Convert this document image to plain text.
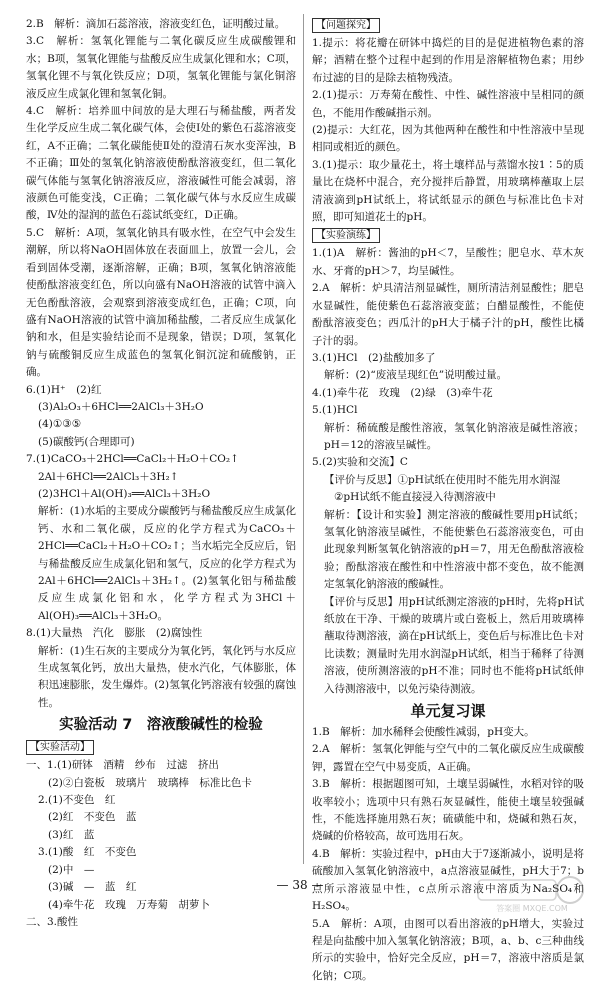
2.B　解析：滴加石蕊溶液，溶液变红色，证明酸过量。

3.C　解析：氢氧化锂能与二氧化碳反应生成碳酸锂和水；B项，氢氧化锂能与盐酸反应生成氯化锂和水；C项，氢氧化锂不与氧化铁反应；D项，氢氧化锂能与氯化铜溶液反应生成氯化锂和氢氧化铜。

4.C　解析：培养皿中间放的是大理石与稀盐酸，两者发生化学反应生成二氧化碳气体，会使Ⅰ处的紫色石蕊溶液变红，A不正确；二氧化碳能使Ⅱ处的澄清石灰水变浑浊，B不正确；Ⅲ处的氢氧化钠溶液使酚酞溶液变红，但二氧化碳气体能与氢氧化钠溶液反应，溶液碱性可能会减弱，溶液颜色可能变浅，C正确；二氧化碳气体与水反应生成碳酸，Ⅳ处的湿润的蓝色石蕊试纸变红，D正确。

5.C　解析：A项，氢氧化钠具有吸水性，在空气中会发生潮解，所以将NaOH固体放在表面皿上，放置一会儿，会看到固体受潮，逐渐溶解，正确；B项，氢氧化钠溶液能使酚酞溶液变红色，所以向盛有NaOH溶液的试管中滴入无色酚酞溶液，会观察到溶液变成红色，正确；C项，向盛有NaOH溶液的试管中滴加稀盐酸，二者反应生成氯化钠和水，但是实验结论而不是现象，错误；D项，氢氧化钠与硫酸铜反应生成蓝色的氢氧化铜沉淀和硫酸钠，正确。

6.(1)H⁺　(2)红

(3)Al₂O₃＋6HCl══2AlCl₃＋3H₂O

(4)①③⑤

(5)碳酸钙(合理即可)

7.(1)CaCO₃＋2HCl══CaCl₂＋H₂O＋CO₂↑

2Al＋6HCl══2AlCl₃＋3H₂↑

(2)3HCl＋Al(OH)₃══AlCl₃＋3H₂O

解析：(1)水垢的主要成分碳酸钙与稀盐酸反应生成氯化钙、水和二氧化碳，反应的化学方程式为CaCO₃＋2HCl══CaCl₂＋H₂O＋CO₂↑；当水垢完全反应后，铝与稀盐酸反应生成氯化铝和氢气，反应的化学方程式为2Al＋6HCl══2AlCl₃＋3H₂↑。(2)氢氧化铝与稀盐酸反应生成氯化铝和水，化学方程式为3HCl＋Al(OH)₃══AlCl₃＋3H₂O。

8.(1)大量热　汽化　膨胀　(2)腐蚀性

解析：(1)生石灰的主要成分为氧化钙，氧化钙与水反应生成氢氧化钙，放出大量热，使水汽化，气体膨胀，体积迅速膨胀，发生爆炸。(2)氢氧化钙溶液有较强的腐蚀性。

实验活动 7　溶液酸碱性的检验
【实验活动】

一、1.(1)研钵　酒精　纱布　过滤　挤出

(2)②白瓷板　玻璃片　玻璃棒　标准比色卡

2.(1)不变色　红

(2)红　不变色　蓝

(3)红　蓝

3.(1)酸　红　不变色

(2)中　—

(3)碱　—　蓝　红

(4)牵牛花　玫瑰　万寿菊　胡萝卜

二、3.酸性

【问题探究】

1.提示：将花瓣在研钵中捣烂的目的是促进植物色素的溶解；酒精在整个过程中起到的作用是溶解植物色素；用纱布过滤的目的是除去植物残渣。

2.(1)提示：万寿菊在酸性、中性、碱性溶液中呈相同的颜色，不能用作酸碱指示剂。

(2)提示：大红花，因为其他两种在酸性和中性溶液中呈现相同或相近的颜色。

3.(1)提示：取少量花土，将土壤样品与蒸馏水按1∶5的质量比在烧杯中混合，充分搅拌后静置，用玻璃棒蘸取上层清液滴到pH试纸上，将试纸显示的颜色与标准比色卡对照，即可知道花土的pH。

【实验演练】

1.(1)A　解析：酱油的pH＜7，呈酸性；肥皂水、草木灰水、牙膏的pH＞7，均呈碱性。

2.A　解析：炉具清洁剂显碱性，厕所清洁剂显酸性；肥皂水显碱性，能使紫色石蕊溶液变蓝；白醋显酸性，不能使酚酞溶液变色；西瓜汁的pH大于橘子汁的pH，酸性比橘子汁的弱。

3.(1)HCl　(2)盐酸加多了

解析：(2)“废液呈现红色”说明酸过量。

4.(1)牵牛花　玫瑰　(2)绿　(3)牵牛花

5.(1)HCl

解析：稀硫酸是酸性溶液，氢氧化钠溶液是碱性溶液；pH＝12的溶液呈碱性。

5.(2)实验和交流】C

【评价与反思】①pH试纸在使用时不能先用水润湿

②pH试纸不能直接浸入待测溶液中

解析：【设计和实验】测定溶液的酸碱性要用pH试纸；氢氧化钠溶液呈碱性，不能使紫色石蕊溶液变色，可由此现象判断氢氧化钠溶液的pH＝7，用无色酚酞溶液检验；酚酞溶液在酸性和中性溶液中都不变色，故不能测定氢氧化钠溶液的酸碱性。

【评价与反思】用pH试纸测定溶液的pH时，先将pH试纸放在干净、干燥的玻璃片或白瓷板上，然后用玻璃棒蘸取待测溶液，滴在pH试纸上，变色后与标准比色卡对比读数；测量时先用水润湿pH试纸，相当于稀释了待测溶液，使所测溶液的pH不准；同时也不能将pH试纸伸入待测溶液中，以免污染待测液。

单元复习课

1.B　解析：加水稀释会使酸性减弱，pH变大。

2.A　解析：氢氧化钾能与空气中的二氧化碳反应生成碳酸钾，露置在空气中易变质，A正确。

3.B　解析：根据题图可知，土壤呈弱碱性，水稻对锌的吸收率较小；选项中只有熟石灰显碱性，能使土壤呈较强碱性，不能选择施用熟石灰；硫磺能中和，烧碱和熟石灰，烧碱的价格较高，故可选用石灰。

4.B　解析：实验过程中，pH由大于7逐渐减小，说明是将硫酸加入氢氧化钠溶液中，a点溶液显碱性，pH大于7；b点所示溶液显中性，c点所示溶液中溶质为Na₂SO₄和H₂SO₄。

5.A　解析：A项，由图可以看出溶液的pH增大，实验过程是向盐酸中加入氢氧化钠溶液；B项，a、b、c三种曲线所示的实验中，恰好完全反应，pH＝7，溶液中溶质是氯化钠；C项。

— 38 —
答案圈 MXQE.COM
